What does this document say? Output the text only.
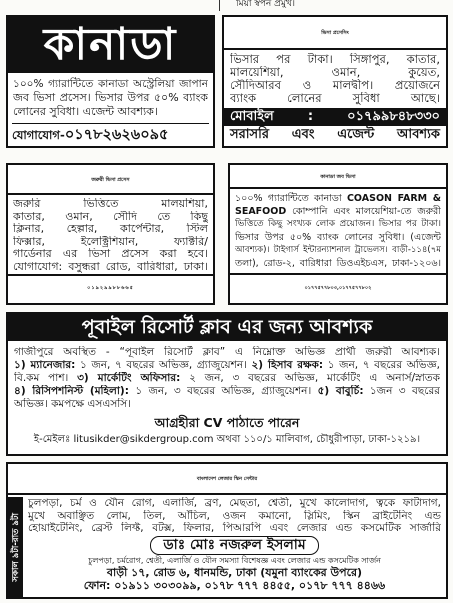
মিয়া স্বপন প্রমুখ।
কানাডা
১০০% গ্যারান্টিতে কানাডা অস্ট্রেলিয়া জাপান
জব ভিসা প্রসেস। ভিসার উপর ৫০% ব্যাংক
লোনের সুবিধা। এজেন্ট আবশ্যক।
যোগাযোগ-০১৭৮২৬২৬০৯৫
ভিসা প্রসেসিং
ভিসার পর টাকা। সিঙ্গাপুর, কাতার,
মালয়েশিয়া, ওমান, কুয়েত,
সৌদিআরব ও মালদ্বীপ। প্রয়োজনে
ব্যাংক লোনের সুবিধা আছে।
মোবাইল : ০১৭৯৯৮৪৮৩৩০
সরাসরি এবং এজেন্ট আবশ্যক
জরুরী ভিসা প্রসেস
জরুরি ভিত্তিতে মালয়শিয়া,
কাতার, ওমান, সৌদি তে কিছু
ক্লিনার, হেল্পার, কার্পেন্টার, স্টিল
ফিক্সার, ইলেক্ট্রিশিয়ান, ফ্যাক্টরি/
গার্ডেনার এর ভিসা প্রসেস করা হবে।
যোগাযোগ: বসুন্ধরা রোড, বারিধারা, ঢাকা।
০১৯২৯৯৮৮৬৬৫
কানাডা জব ভিসা
১০০% গ্যারান্টিতে কানাডা COASON FARM &
SEAFOOD কোম্পানি এবং মালয়েশিয়া-তে জরুরী
ভিত্তিতে কিছু সংখ্যক লোক প্রয়োজন। ভিসার পর টাকা।
ভিসার উপর ৫০% ব্যাংক লোনের সুবিধা। (এজেন্ট
আবশ্যক)। টাইগার্স ইন্টারন্যাশনাল ট্রাভেলস। বাড়ী-১১৪(৭ম
তলা), রোড-২, বারিধারা ডিওএইচএস, ঢাকা-১২০৬।
০১৭৭৫৭৭৮০৩,০১৭৭৫৭৭৮০২
পূবাইল রিসোর্ট ক্লাব এর জন্য আবশ্যক
গাজীপুরে অবস্থিত - “পূবাইল রিসোর্ট ক্লাব” এ নিম্নোক্ত অভিজ্ঞ প্রার্থী জরুরী আবশ্যক।
১) ম্যানেজার: ১ জন, ৭ বছরের অভিজ্ঞ, গ্র্যাজুয়েশন। ২) হিসাব রক্ষক: ১ জন, ৭ বছরের অভিজ্ঞ,
বি.কম পাশ। ৩) মার্কেটিং অফিসার: ২ জন, ৩ বছরের অভিজ্ঞ, মার্কেটিং এ অনার্স/স্নাতক
৪) রিসিপশনিস্ট (মহিলা): ১ জন, ৩ বছরের অভিজ্ঞ, গ্র্যাজুয়েশন। ৫) বাবুর্চি: ১জন ৩ বছরের
অভিজ্ঞ। কমপক্ষে এসএসসি।
আগ্রহীরা CV পাঠাতে পারেন
ই-মেইলঃ litusikder@sikdergroup.com অথবা ১১০/১ মালিবাগ, চৌধুরীপাড়া, ঢাকা-১২১৯।
বাংলাদেশ লেজার স্কিন সেন্টার
সকাল ৯টা-রাত ৯টা
চুলপড়া, চর্ম ও যৌন রোগ, এলার্জি, ব্রণ, মেছতা, শ্বেতী, মুখে কালোদাগ, ত্বকে ফাটাদাগ,
মুখে অবাঞ্ছিত লোম, তিল, আঁচিল, ওজন কমানো, স্লিমিং, স্কিন ব্রাইটেনিং এন্ড
হোয়াইটেনিং, ব্রেস্ট লিফ্ট, বটক্স, ফিলার, পিআরপি এবং লেজার এন্ড কসমেটিক সার্জারি
ডাঃ মোঃ নজরুল ইসলাম
চুলপড়া, চর্মরোগ, শ্বেতী, এলার্জি ও যৌন সমস্যা বিশেষজ্ঞ এবং লেজার এন্ড কসমেটিক সার্জন
বাড়ী ১৭, রোড ৬, ধানমন্ডি, ঢাকা (যমুনা ব্যাংকের উপরে)
ফোন: ০১৯১১ ৩০৩০৯৯, ০১৭৮ ৭৭৭ ৪৪৫৫, ০১৭৮ ৭৭৭ ৪৪৬৬
